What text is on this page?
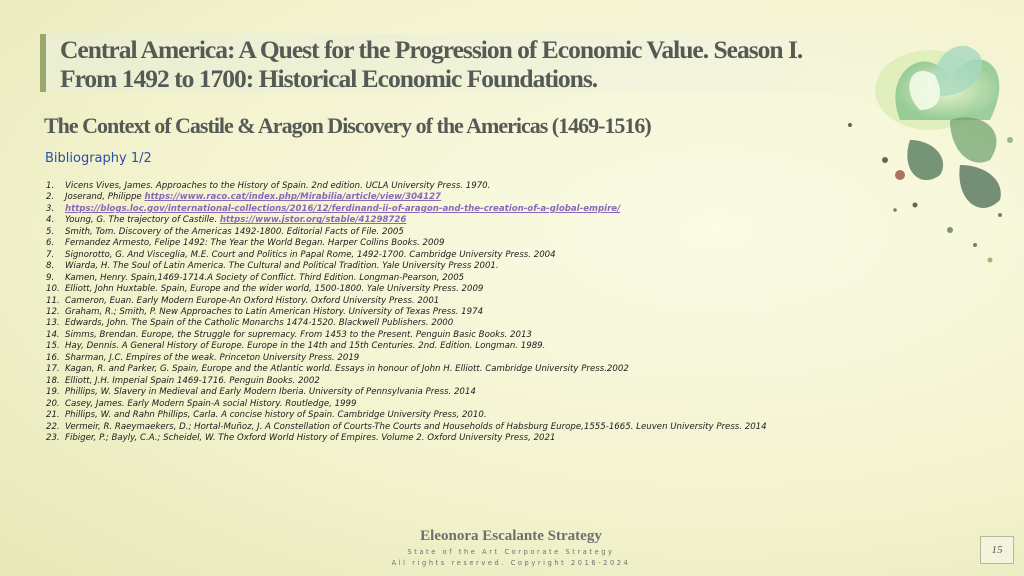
Central America: A Quest for the Progression of Economic Value. Season I.
From 1492 to 1700: Historical Economic Foundations.
The Context of Castile & Aragon Discovery of the Americas (1469-1516)
Bibliography 1/2
1.	Vicens Vives, James. Approaches to the History of Spain. 2nd edition. UCLA University Press. 1970.
2.	Joserand, Philippe https://www.raco.cat/index.php/Mirabilia/article/view/304127
3.	https://blogs.loc.gov/international-collections/2016/12/ferdinand-ii-of-aragon-and-the-creation-of-a-global-empire/
4.	Young, G. The trajectory of Castille. https://www.jstor.org/stable/41298726
5.	Smith, Tom. Discovery of the Americas 1492-1800. Editorial Facts of File. 2005
6.	Fernandez Armesto, Felipe 1492: The Year the World Began. Harper Collins Books. 2009
7.	Signorotto, G. And Visceglia, M.E. Court and Politics in Papal Rome, 1492-1700. Cambridge University Press. 2004
8.	Wiarda, H. The Soul of Latin America. The Cultural and Political Tradition. Yale University Press 2001.
9.	Kamen, Henry. Spain,1469-1714.A Society of Conflict. Third Edition. Longman-Pearson, 2005
10. Elliott, John Huxtable. Spain, Europe and the wider world, 1500-1800. Yale University Press. 2009
11. Cameron, Euan. Early Modern Europe-An Oxford History. Oxford University Press. 2001
12. Graham, R.; Smith, P. New Approaches to Latin American History. University of Texas Press. 1974
13. Edwards, John. The Spain of the Catholic Monarchs 1474-1520. Blackwell Publishers. 2000
14. Simms, Brendan. Europe, the Struggle for supremacy. From 1453 to the Present. Penguin Basic Books. 2013
15. Hay, Dennis. A General History of Europe. Europe in the 14th and 15th Centuries. 2nd. Edition. Longman. 1989.
16. Sharman, J.C. Empires of the weak. Princeton University Press. 2019
17. Kagan, R. and Parker, G. Spain, Europe and the Atlantic world. Essays in honour of John H. Elliott. Cambridge University Press.2002
18. Elliott, J.H. Imperial Spain 1469-1716. Penguin Books. 2002
19. Phillips, W. Slavery in Medieval and Early Modern Iberia. University of Pennsylvania Press. 2014
20. Casey, James. Early Modern Spain-A social History. Routledge, 1999
21. Phillips, W. and Rahn Phillips, Carla. A concise history of Spain. Cambridge University Press, 2010.
22. Vermeir, R. Raeymaekers, D.; Hortal-Muñoz, J. A Constellation of Courts-The Courts and Households of Habsburg Europe,1555-1665. Leuven University Press. 2014
23. Fibiger, P.; Bayly, C.A.; Scheidel, W. The Oxford World History of Empires. Volume 2. Oxford University Press, 2021
Eleonora Escalante Strategy
State of the Art Corporate Strategy
All rights reserved. Copyright 2016-2024
15
